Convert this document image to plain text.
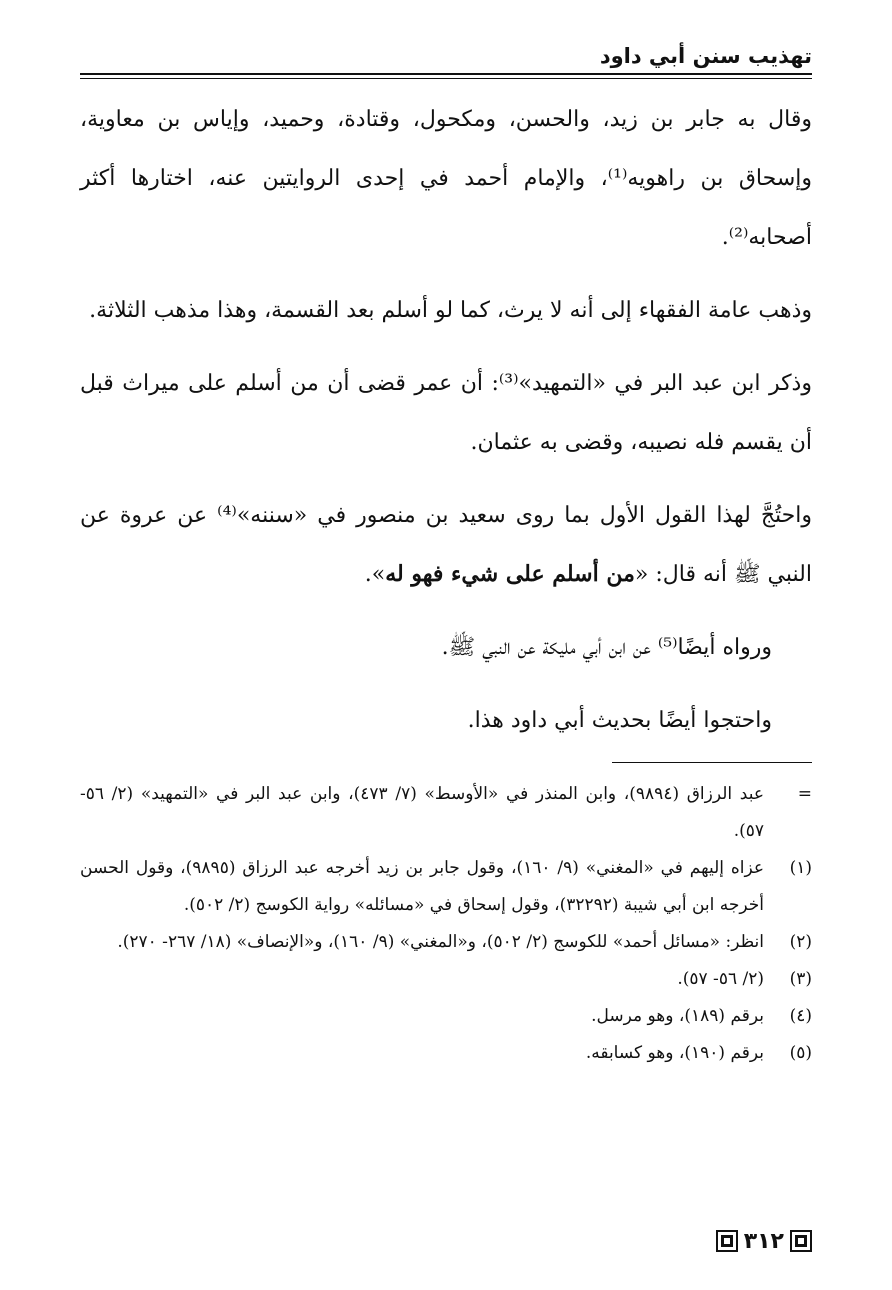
تهذيب سنن أبي داود

وقال به جابر بن زيد، والحسن، ومكحول، وقتادة، وحميد، وإياس بن معاوية، وإسحاق بن راهويه⁽¹⁾، والإمام أحمد في إحدى الروايتين عنه، اختارها أكثر أصحابه⁽²⁾.

وذهب عامة الفقهاء إلى أنه لا يرث، كما لو أسلم بعد القسمة، وهذا مذهب الثلاثة.

وذكر ابن عبد البر في «التمهيد»⁽³⁾: أن عمر قضى أن من أسلم على ميراث قبل أن يقسم فله نصيبه، وقضى به عثمان.

واحتُجَّ لهذا القول الأول بما روى سعيد بن منصور في «سننه»⁽⁴⁾ عن عروة عن النبي ﷺ أنه قال: «من أسلم على شيء فهو له».

ورواه أيضًا⁽⁵⁾ عن ابن أبي مليكة عن النبي ﷺ.

واحتجوا أيضًا بحديث أبي داود هذا.

=
عبد الرزاق (٩٨٩٤)، وابن المنذر في «الأوسط» (٧/ ٤٧٣)، وابن عبد البر في «التمهيد» (٢/ ٥٦- ٥٧).

(١)
عزاه إليهم في «المغني» (٩/ ١٦٠)، وقول جابر بن زيد أخرجه عبد الرزاق (٩٨٩٥)، وقول الحسن أخرجه ابن أبي شيبة (٣٢٢٩٢)، وقول إسحاق في «مسائله» رواية الكوسج (٢/ ٥٠٢).

(٢)
انظر: «مسائل أحمد» للكوسج (٢/ ٥٠٢)، و«المغني» (٩/ ١٦٠)، و«الإنصاف» (١٨/ ٢٦٧- ٢٧٠).

(٣)
(٢/ ٥٦- ٥٧).

(٤)
برقم (١٨٩)، وهو مرسل.

(٥)
برقم (١٩٠)، وهو كسابقه.

٣١٢
